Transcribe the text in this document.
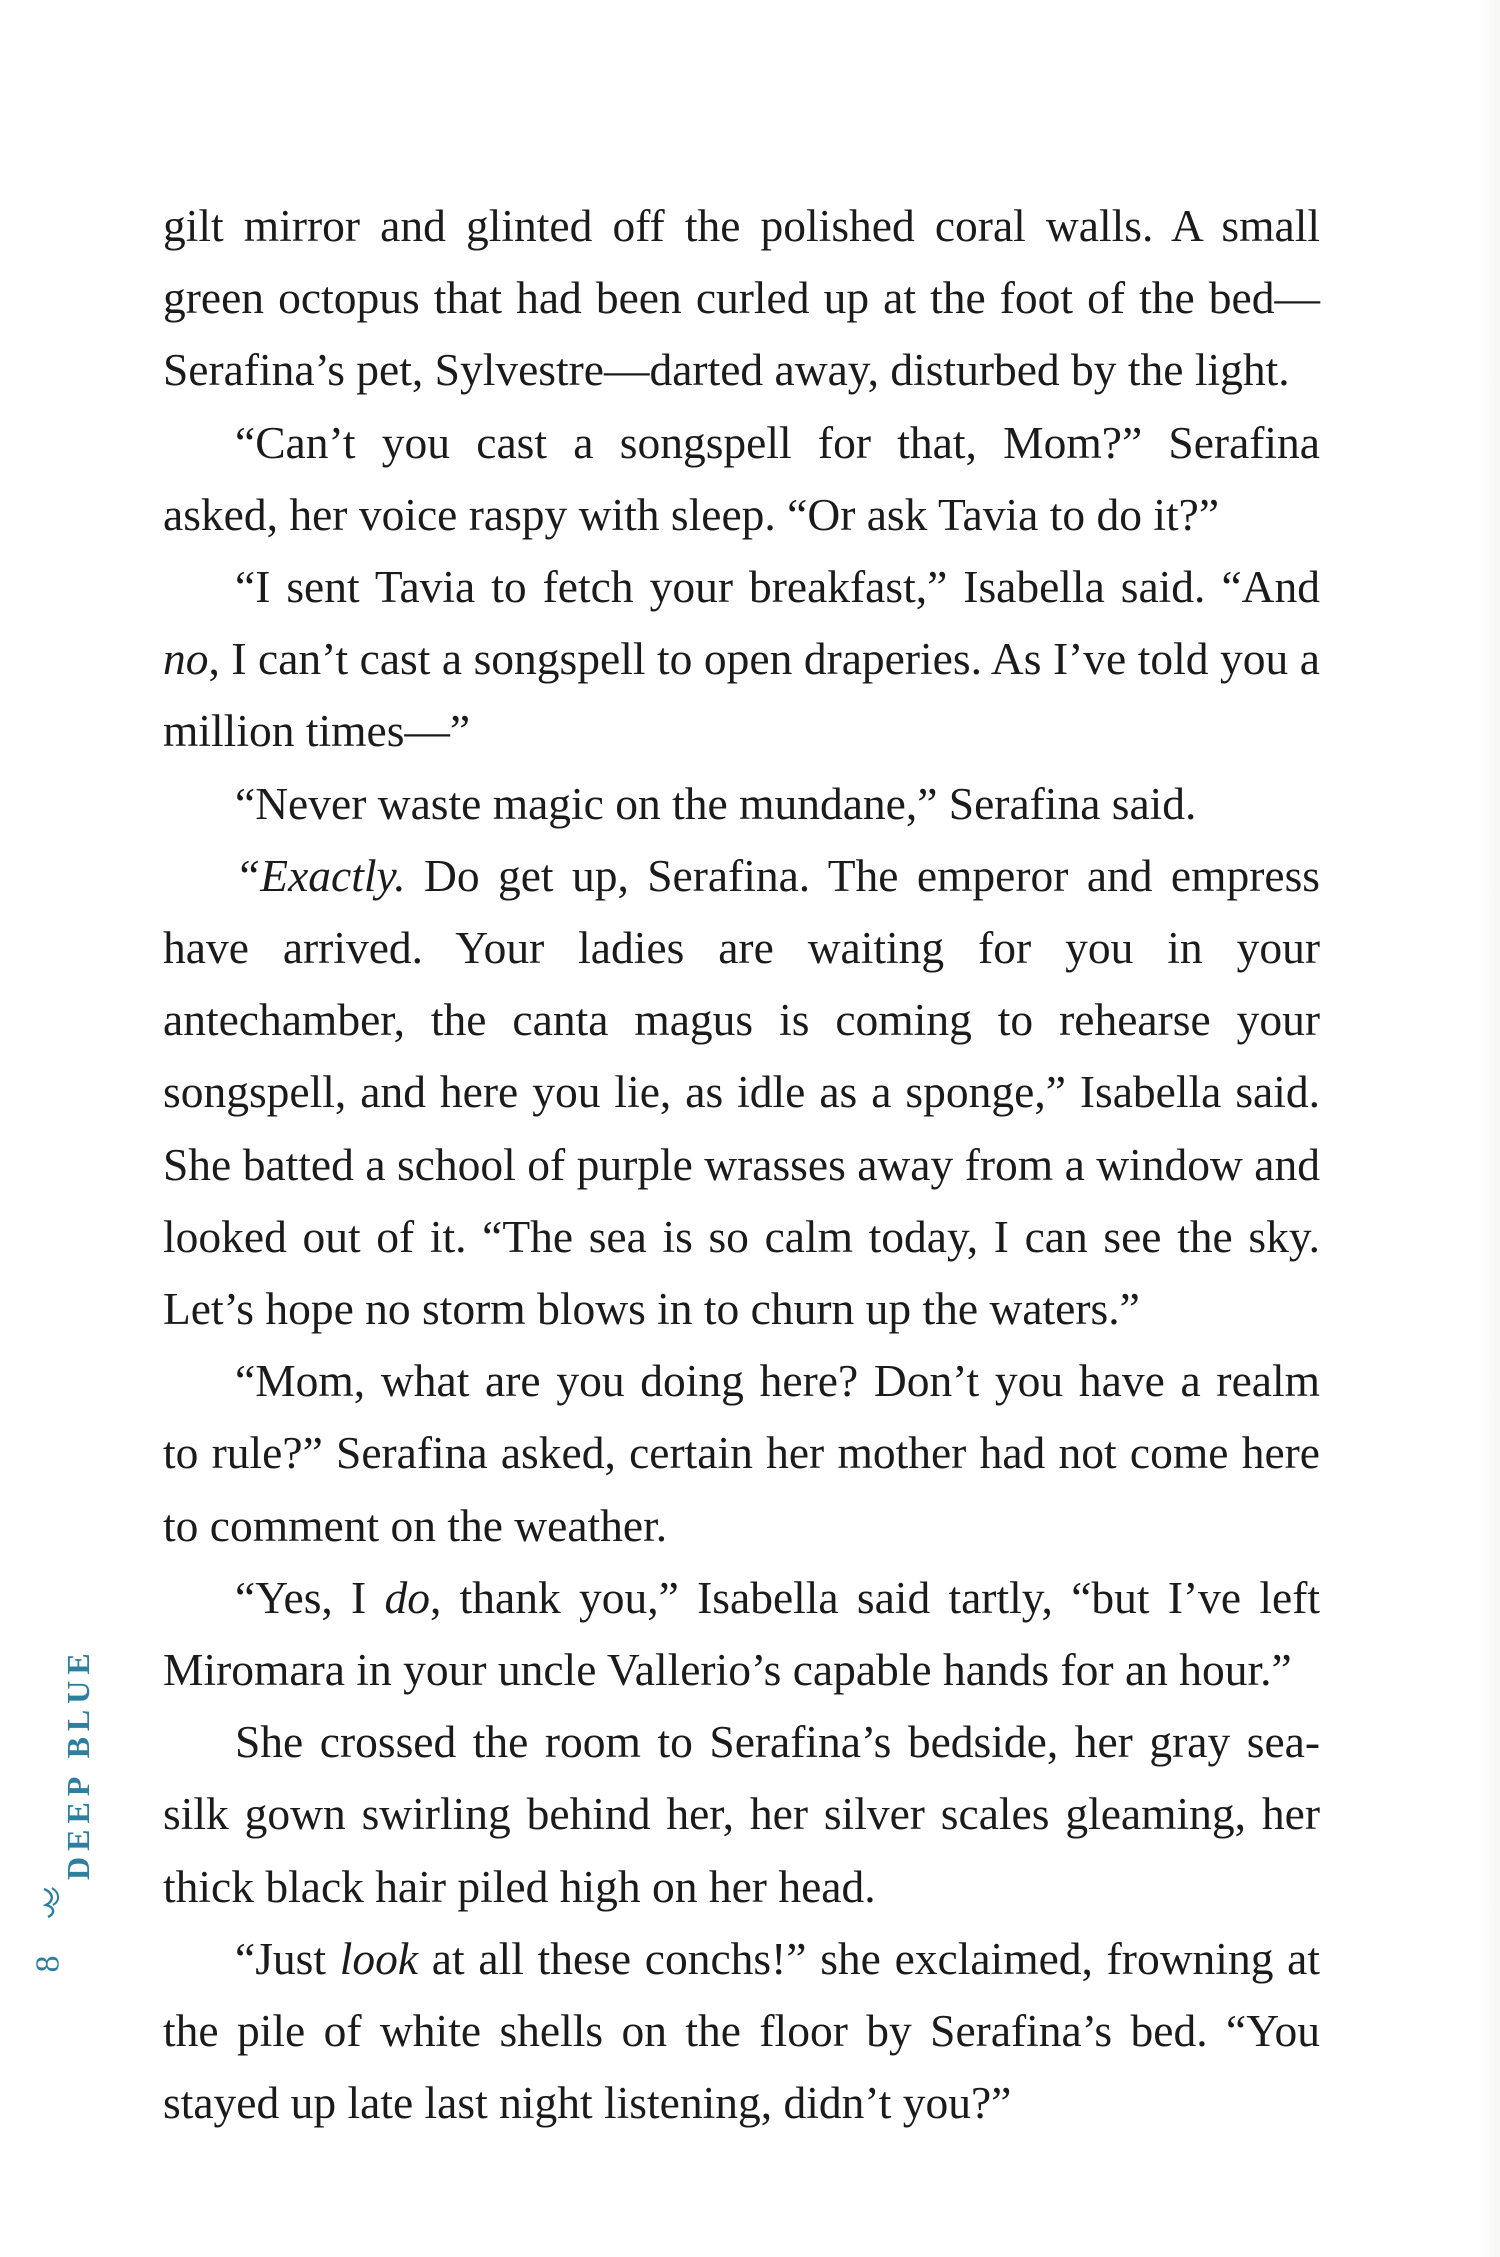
DEEP BLUE
8

gilt mirror and glinted off the polished coral walls. A small green octopus that had been curled up at the foot of the bed—Serafina’s pet, Sylvestre—darted away, disturbed by the light.

“Can’t you cast a songspell for that, Mom?” Serafina asked, her voice raspy with sleep. “Or ask Tavia to do it?”

“I sent Tavia to fetch your breakfast,” Isabella said. “And no, I can’t cast a songspell to open draperies. As I’ve told you a million times—”

“Never waste magic on the mundane,” Serafina said.

“Exactly. Do get up, Serafina. The emperor and empress have arrived. Your ladies are waiting for you in your antechamber, the canta magus is coming to rehearse your songspell, and here you lie, as idle as a sponge,” Isabella said. She batted a school of purple wrasses away from a window and looked out of it. “The sea is so calm today, I can see the sky. Let’s hope no storm blows in to churn up the waters.”

“Mom, what are you doing here? Don’t you have a realm to rule?” Serafina asked, certain her mother had not come here to comment on the weather.

“Yes, I do, thank you,” Isabella said tartly, “but I’ve left Miromara in your uncle Vallerio’s capable hands for an hour.”

She crossed the room to Serafina’s bedside, her gray sea-silk gown swirling behind her, her silver scales gleaming, her thick black hair piled high on her head.

“Just look at all these conchs!” she exclaimed, frowning at the pile of white shells on the floor by Serafina’s bed. “You stayed up late last night listening, didn’t you?”
